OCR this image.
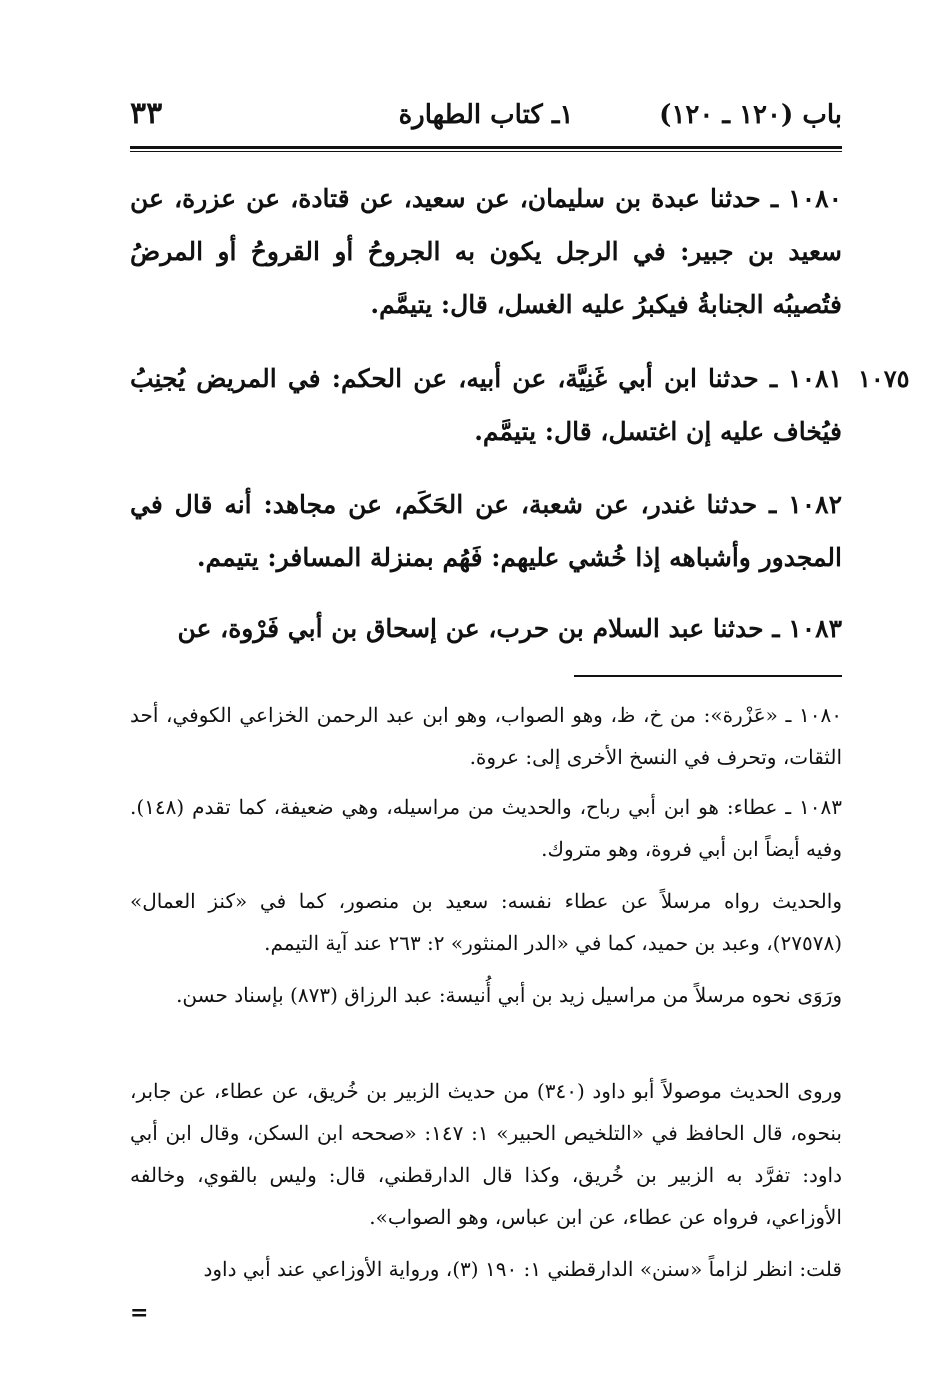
باب (١٢٠ ـ ١٢٠)
١ـ كتاب الطهارة
٣٣
١٠٧٥

١٠٨٠ ـ حدثنا عبدة بن سليمان، عن سعيد، عن قتادة، عن عزرة، عن سعيد بن جبير: في الرجل يكون به الجروحُ أو القروحُ أو المرضُ فتُصيبُه الجنابةُ فيكبرُ عليه الغسل، قال: يتيمَّم.

١٠٨١ ـ حدثنا ابن أبي غَنِيَّة، عن أبيه، عن الحكم: في المريض يُجنِبُ فيُخاف عليه إن اغتسل، قال: يتيمَّم.

١٠٨٢ ـ حدثنا غندر، عن شعبة، عن الحَكَم، عن مجاهد: أنه قال في المجدور وأشباهه إذا خُشي عليهم: فَهُم بمنزلة المسافر: يتيمم.

١٠٨٣ ـ حدثنا عبد السلام بن حرب، عن إسحاق بن أبي فَرْوة، عن

١٠٨٠ ـ «عَزْرة»: من خ، ظ، وهو الصواب، وهو ابن عبد الرحمن الخزاعي الكوفي، أحد الثقات، وتحرف في النسخ الأخرى إلى: عروة.

١٠٨٣ ـ عطاء: هو ابن أبي رباح، والحديث من مراسيله، وهي ضعيفة، كما تقدم (١٤٨). وفيه أيضاً ابن أبي فروة، وهو متروك.

والحديث رواه مرسلاً عن عطاء نفسه: سعيد بن منصور، كما في «كنز العمال» (٢٧٥٧٨)، وعبد بن حميد، كما في «الدر المنثور» ٢: ٢٦٣ عند آية التيمم.

ورَوَى نحوه مرسلاً من مراسيل زيد بن أبي أُنيسة: عبد الرزاق (٨٧٣) بإسناد حسن.

وروى الحديث موصولاً أبو داود (٣٤٠) من حديث الزبير بن خُريق، عن عطاء، عن جابر، بنحوه، قال الحافظ في «التلخيص الحبير» ١: ١٤٧: «صححه ابن السكن، وقال ابن أبي داود: تفرَّد به الزبير بن خُريق، وكذا قال الدارقطني، قال: وليس بالقوي، وخالفه الأوزاعي، فرواه عن عطاء، عن ابن عباس، وهو الصواب».

قلت: انظر لزاماً «سنن» الدارقطني ١: ١٩٠ (٣)، ورواية الأوزاعي عند أبي داود

=
